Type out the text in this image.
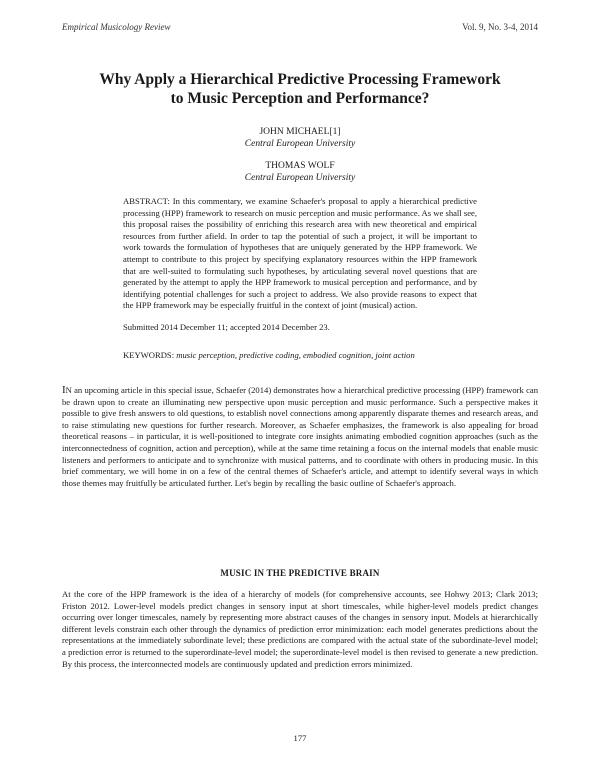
Empirical Musicology Review	Vol. 9, No. 3-4, 2014
Why Apply a Hierarchical Predictive Processing Framework
to Music Perception and Performance?
JOHN MICHAEL[1]
Central European University
THOMAS WOLF
Central European University
ABSTRACT: In this commentary, we examine Schaefer's proposal to apply a hierarchical predictive processing (HPP) framework to research on music perception and music performance. As we shall see, this proposal raises the possibility of enriching this research area with new theoretical and empirical resources from further afield. In order to tap the potential of such a project, it will be important to work towards the formulation of hypotheses that are uniquely generated by the HPP framework. We attempt to contribute to this project by specifying explanatory resources within the HPP framework that are well-suited to formulating such hypotheses, by articulating several novel questions that are generated by the attempt to apply the HPP framework to musical perception and performance, and by identifying potential challenges for such a project to address. We also provide reasons to expect that the HPP framework may be especially fruitful in the context of joint (musical) action.
Submitted 2014 December 11; accepted 2014 December 23.
KEYWORDS: music perception, predictive coding, embodied cognition, joint action
IN an upcoming article in this special issue, Schaefer (2014) demonstrates how a hierarchical predictive processing (HPP) framework can be drawn upon to create an illuminating new perspective upon music perception and music performance. Such a perspective makes it possible to give fresh answers to old questions, to establish novel connections among apparently disparate themes and research areas, and to raise stimulating new questions for further research. Moreover, as Schaefer emphasizes, the framework is also appealing for broad theoretical reasons – in particular, it is well-positioned to integrate core insights animating embodied cognition approaches (such as the interconnectedness of cognition, action and perception), while at the same time retaining a focus on the internal models that enable music listeners and performers to anticipate and to synchronize with musical patterns, and to coordinate with others in producing music. In this brief commentary, we will home in on a few of the central themes of Schaefer's article, and attempt to identify several ways in which those themes may fruitfully be articulated further. Let's begin by recalling the basic outline of Schaefer's approach.
MUSIC IN THE PREDICTIVE BRAIN
At the core of the HPP framework is the idea of a hierarchy of models (for comprehensive accounts, see Hohwy 2013; Clark 2013; Friston 2012. Lower-level models predict changes in sensory input at short timescales, while higher-level models predict changes occurring over longer timescales, namely by representing more abstract causes of the changes in sensory input. Models at hierarchically different levels constrain each other through the dynamics of prediction error minimization: each model generates predictions about the representations at the immediately subordinate level; these predictions are compared with the actual state of the subordinate-level model; a prediction error is returned to the superordinate-level model; the superordinate-level model is then revised to generate a new prediction. By this process, the interconnected models are continuously updated and prediction errors minimized.
177
